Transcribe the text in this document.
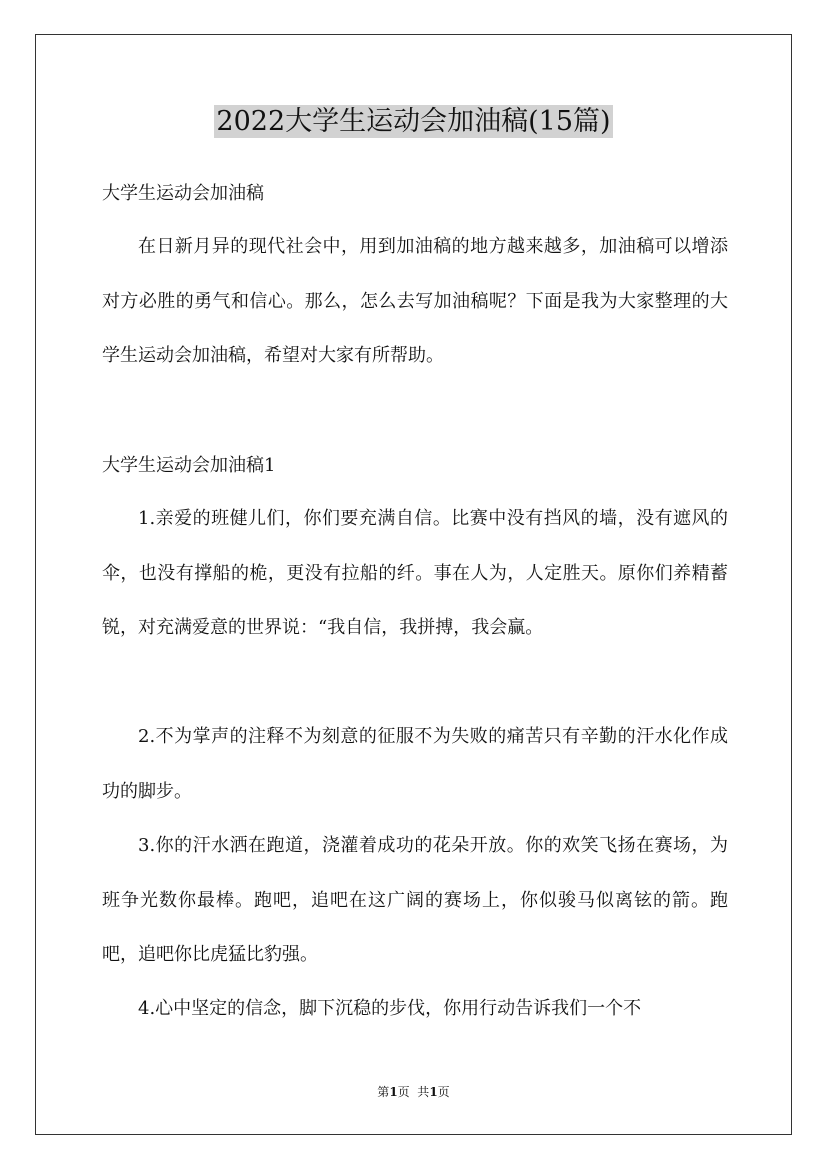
2022大学生运动会加油稿(15篇)
大学生运动会加油稿

在日新月异的现代社会中，用到加油稿的地方越来越多，加油稿可以增添对方必胜的勇气和信心。那么，怎么去写加油稿呢？下面是我为大家整理的大学生运动会加油稿，希望对大家有所帮助。

大学生运动会加油稿1

1.亲爱的班健儿们，你们要充满自信。比赛中没有挡风的墙，没有遮风的伞，也没有撑船的桅，更没有拉船的纤。事在人为，人定胜天。原你们养精蓄锐，对充满爱意的世界说：“我自信，我拼搏，我会赢。

2.不为掌声的注释不为刻意的征服不为失败的痛苦只有辛勤的汗水化作成功的脚步。

3.你的汗水洒在跑道，浇灌着成功的花朵开放。你的欢笑飞扬在赛场，为班争光数你最棒。跑吧，追吧在这广阔的赛场上，你似骏马似离铉的箭。跑吧，追吧你比虎猛比豹强。

4.心中坚定的信念，脚下沉稳的步伐，你用行动告诉我们一个不

第1页  共1页
